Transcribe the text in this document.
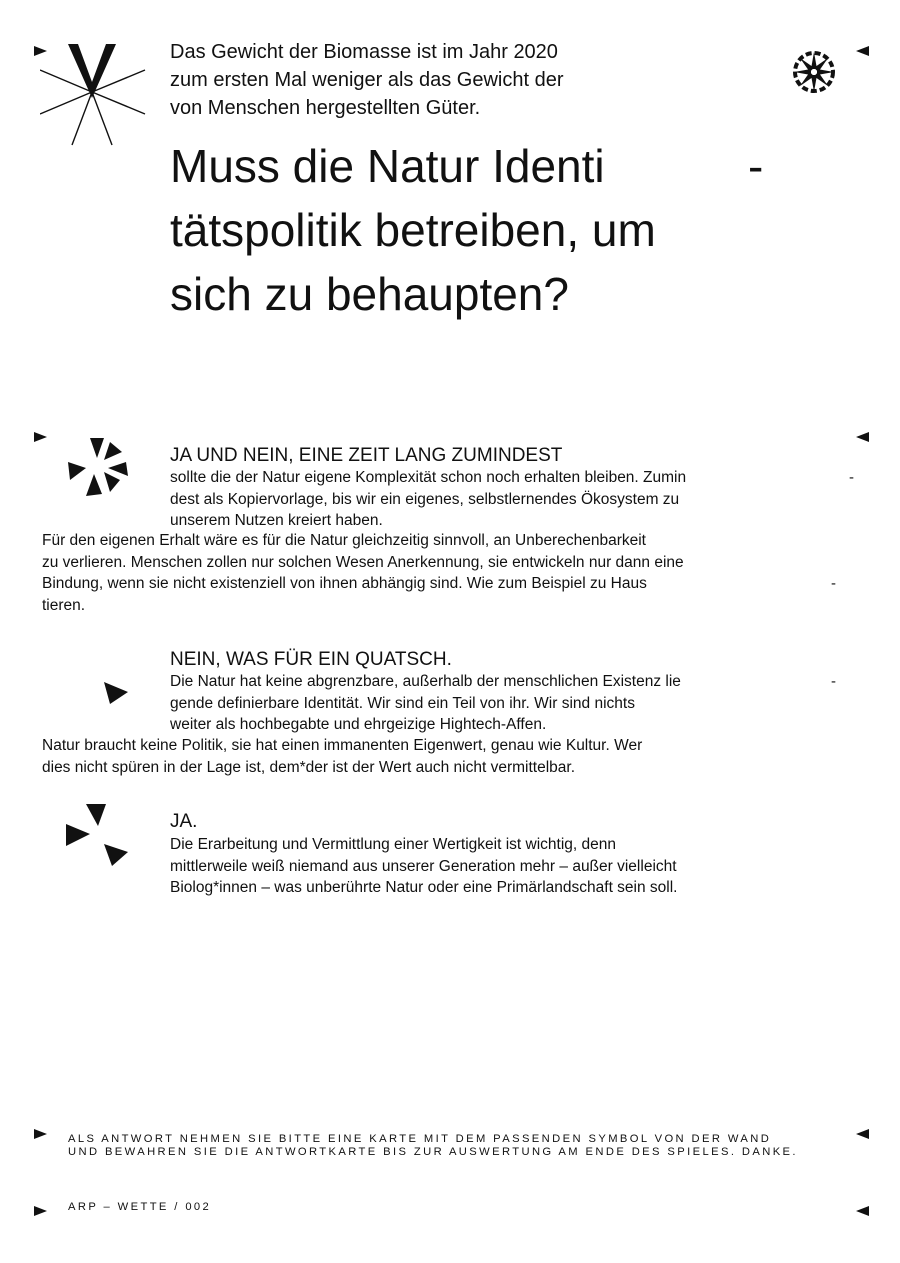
Das Gewicht der Biomasse ist im Jahr 2020
zum ersten Mal weniger als das Gewicht der
von Menschen hergestellten Güter.
Muss die Natur Identi
tätspolitik betreiben, um
sich zu behaupten?
-
JA UND NEIN, EINE ZEIT LANG ZUMINDEST
sollte die der Natur eigene Komplexität schon noch erhalten bleiben. Zumin
dest als Kopiervorlage, bis wir ein eigenes, selbstlernendes Ökosystem zu
unserem Nutzen kreiert haben.
Für den eigenen Erhalt wäre es für die Natur gleichzeitig sinnvoll, an Unberechenbarkeit
zu verlieren. Menschen zollen nur solchen Wesen Anerkennung, sie entwickeln nur dann eine
Bindung, wenn sie nicht existenziell von ihnen abhängig sind. Wie zum Beispiel zu Haus
tieren.
-
-
NEIN, WAS FÜR EIN QUATSCH.
Die Natur hat keine abgrenzbare, außerhalb der menschlichen Existenz lie
gende definierbare Identität. Wir sind ein Teil von ihr. Wir sind nichts
weiter als hochbegabte und ehrgeizige Hightech-Affen.
Natur braucht keine Politik, sie hat einen immanenten Eigenwert, genau wie Kultur. Wer
dies nicht spüren in der Lage ist, dem*der ist der Wert auch nicht vermittelbar.
-
JA.
Die Erarbeitung und Vermittlung einer Wertigkeit ist wichtig, denn
mittlerweile weiß niemand aus unserer Generation mehr – außer vielleicht
Biolog*innen – was unberührte Natur oder eine Primärlandschaft sein soll.
ALS ANTWORT NEHMEN SIE BITTE EINE KARTE MIT DEM PASSENDEN SYMBOL VON DER WAND
UND BEWAHREN SIE DIE ANTWORTKARTE BIS ZUR AUSWERTUNG AM ENDE DES SPIELES. DANKE.
ARP – WETTE / 002
